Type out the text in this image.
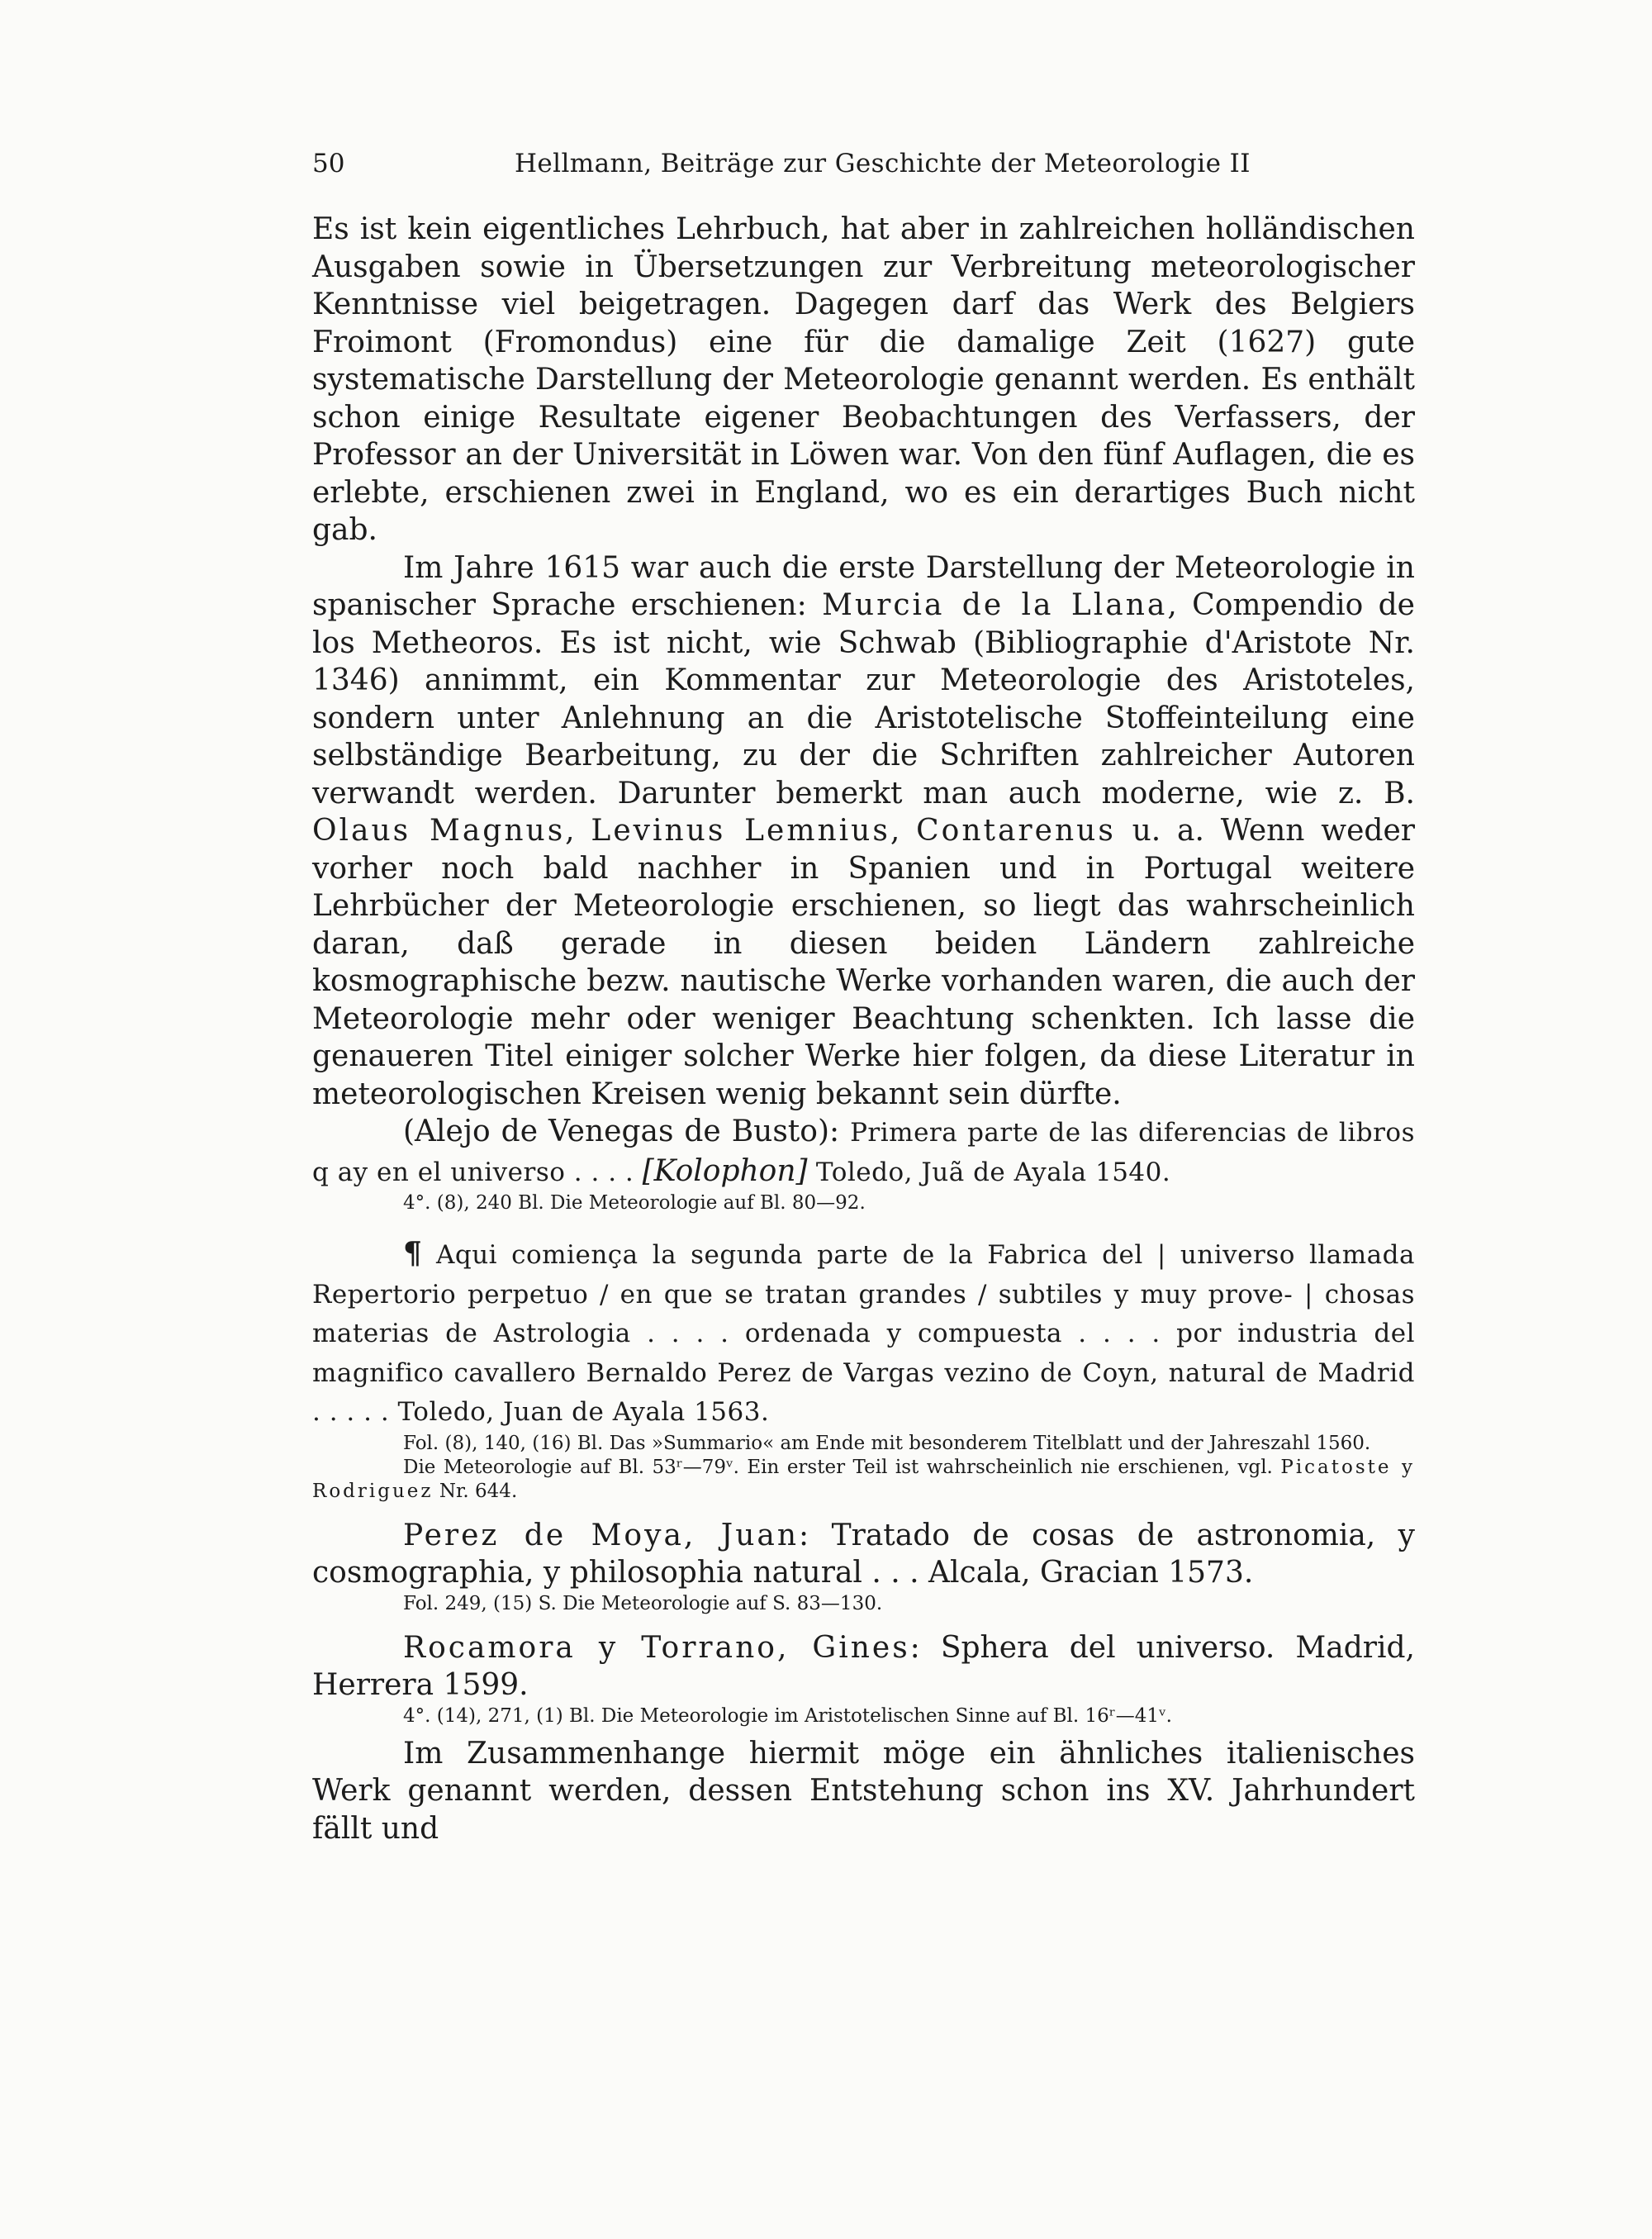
50	Hellmann, Beiträge zur Geschichte der Meteorologie II
Es ist kein eigentliches Lehrbuch, hat aber in zahlreichen holländischen Ausgaben sowie in Übersetzungen zur Verbreitung meteorologischer Kenntnisse viel beigetragen. Dagegen darf das Werk des Belgiers Froimont (Fromondus) eine für die damalige Zeit (1627) gute systematische Darstellung der Meteorologie genannt werden. Es enthält schon einige Resultate eigener Beobachtungen des Verfassers, der Professor an der Universität in Löwen war. Von den fünf Auflagen, die es erlebte, erschienen zwei in England, wo es ein derartiges Buch nicht gab.
Im Jahre 1615 war auch die erste Darstellung der Meteorologie in spanischer Sprache erschienen: Murcia de la Llana, Compendio de los Metheoros. Es ist nicht, wie Schwab (Bibliographie d'Aristote Nr. 1346) annimmt, ein Kommentar zur Meteorologie des Aristoteles, sondern unter Anlehnung an die Aristotelische Stoffeinteilung eine selbständige Bearbeitung, zu der die Schriften zahlreicher Autoren verwandt werden. Darunter bemerkt man auch moderne, wie z. B. Olaus Magnus, Levinus Lemnius, Contarenus u. a. Wenn weder vorher noch bald nachher in Spanien und in Portugal weitere Lehrbücher der Meteorologie erschienen, so liegt das wahrscheinlich daran, daß gerade in diesen beiden Ländern zahlreiche kosmographische bezw. nautische Werke vorhanden waren, die auch der Meteorologie mehr oder weniger Beachtung schenkten. Ich lasse die genaueren Titel einiger solcher Werke hier folgen, da diese Literatur in meteorologischen Kreisen wenig bekannt sein dürfte.
(Alejo de Venegas de Busto): Primera parte de las diferencias de libros q ay en el universo . . . . [Kolophon] Toledo, Juã de Ayala 1540.
4°. (8), 240 Bl. Die Meteorologie auf Bl. 80—92.
¶ Aqui comiença la segunda parte de la Fabrica del | universo llamada Repertorio perpetuo / en que se tratan grandes / subtiles y muy prove- | chosas materias de Astrologia . . . . ordenada y compuesta . . . . por industria del magnifico cavallero Bernaldo Perez de Vargas vezino de Coyn, natural de Madrid . . . . . Toledo, Juan de Ayala 1563.
Fol. (8), 140, (16) Bl. Das »Summario« am Ende mit besonderem Titelblatt und der Jahreszahl 1560.
Die Meteorologie auf Bl. 53ʳ—79ᵛ. Ein erster Teil ist wahrscheinlich nie erschienen, vgl. Picatoste y Rodriguez Nr. 644.
Perez de Moya, Juan: Tratado de cosas de astronomia, y cosmographia, y philosophia natural . . . Alcala, Gracian 1573.
Fol. 249, (15) S. Die Meteorologie auf S. 83—130.
Rocamora y Torrano, Gines: Sphera del universo. Madrid, Herrera 1599.
4°. (14), 271, (1) Bl. Die Meteorologie im Aristotelischen Sinne auf Bl. 16ʳ—41ᵛ.
Im Zusammenhange hiermit möge ein ähnliches italienisches Werk genannt werden, dessen Entstehung schon ins XV. Jahrhundert fällt und
